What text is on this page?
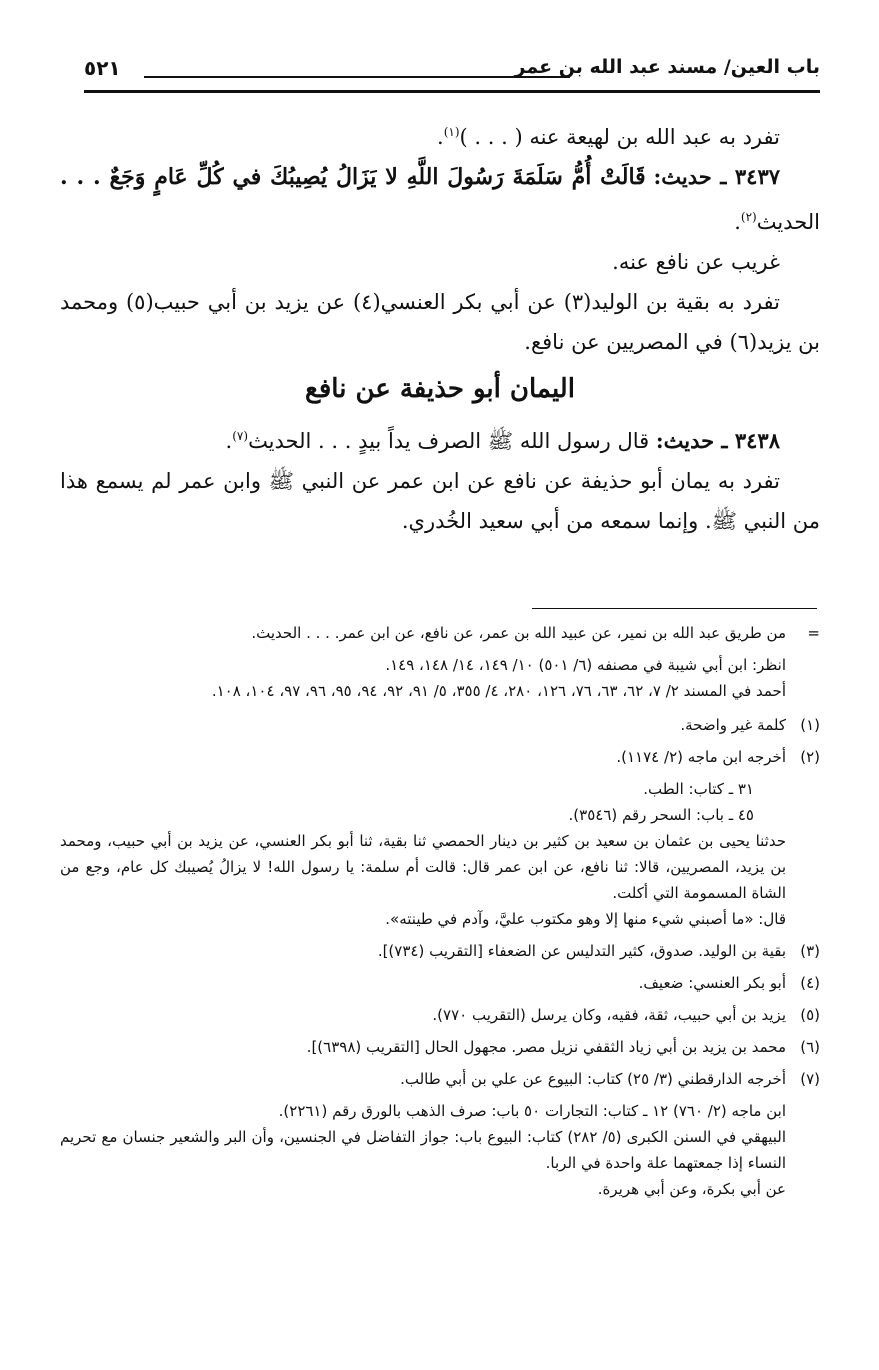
باب العين/ مسند عبد الله بن عمر
٥٢١

تفرد به عبد الله بن لهيعة عنه ( . . . )$^{(١)}$.

٣٤٣٧ ـ حديث: قَالَتْ أُمُّ سَلَمَةَ رَسُولَ اللَّهِ لا يَزَالُ يُصِيبُكَ في كُلِّ عَامٍ وَجَعٌ . . . الحديث$^{(٢)}$.

غريب عن نافع عنه.

تفرد به بقية بن الوليد(٣) عن أبي بكر العنسي(٤) عن يزيد بن أبي حبيب(٥) ومحمد بن يزيد(٦) في المصريين عن نافع.

اليمان أبو حذيفة عن نافع

٣٤٣٨ ـ حديث: قال رسول الله ﷺ الصرف يداً بيدٍ . . . الحديث$^{(٧)}$.

تفرد به يمان أبو حذيفة عن نافع عن ابن عمر عن النبي ﷺ وابن عمر لم يسمع هذا من النبي ﷺ. وإنما سمعه من أبي سعيد الخُدري.

=
من طريق عبد الله بن نمير، عن عبيد الله بن عمر، عن نافع، عن ابن عمر. . . . الحديث.
انظر: ابن أبي شيبة في مصنفه (٦/ ٥٠١) ١٠/ ١٤٩، ١٤/ ١٤٨، ١٤٩.
أحمد في المسند ٢/ ٧، ٦٢، ٦٣، ٧٦، ١٢٦، ٢٨٠، ٤/ ٣٥٥، ٥/ ٩١، ٩٢، ٩٤، ٩٥، ٩٦، ٩٧، ١٠٤، ١٠٨.
(١)
كلمة غير واضحة.
(٢)
أخرجه ابن ماجه (٢/ ١١٧٤).
٣١ ـ كتاب: الطب.
٤٥ ـ باب: السحر رقم (٣٥٤٦).
حدثنا يحيى بن عثمان بن سعيد بن كثير بن دينار الحمصي ثنا بقية، ثنا أبو بكر العنسي، عن يزيد بن أبي حبيب، ومحمد بن يزيد، المصريين، قالا: ثنا نافع، عن ابن عمر قال: قالت أم سلمة: يا رسول الله! لا يزالُ يُصيبك كل عام، وجع من الشاة المسمومة التي أكلت.
قال: «ما أصبني شيء منها إلا وهو مكتوب عليَّ، وآدم في طينته».
(٣)
بقية بن الوليد. صدوق، كثير التدليس عن الضعفاء [التقريب (٧٣٤)].
(٤)
أبو بكر العنسي: ضعيف.
(٥)
يزيد بن أبي حبيب، ثقة، فقيه، وكان يرسل (التقريب ٧٧٠).
(٦)
محمد بن يزيد بن أبي زياد الثقفي نزيل مصر. مجهول الحال [التقريب (٦٣٩٨)].
(٧)
أخرجه الدارقطني (٣/ ٢٥) كتاب: البيوع عن علي بن أبي طالب.
ابن ماجه (٢/ ٧٦٠) ١٢ ـ كتاب: التجارات ٥٠ باب: صرف الذهب بالورق رقم (٢٢٦١).
البيهقي في السنن الكبرى (٥/ ٢٨٢) كتاب: البيوع باب: جواز التفاضل في الجنسين، وأن البر والشعير جنسان مع تحريم النساء إذا جمعتهما علة واحدة في الربا.
عن أبي بكرة، وعن أبي هريرة.
